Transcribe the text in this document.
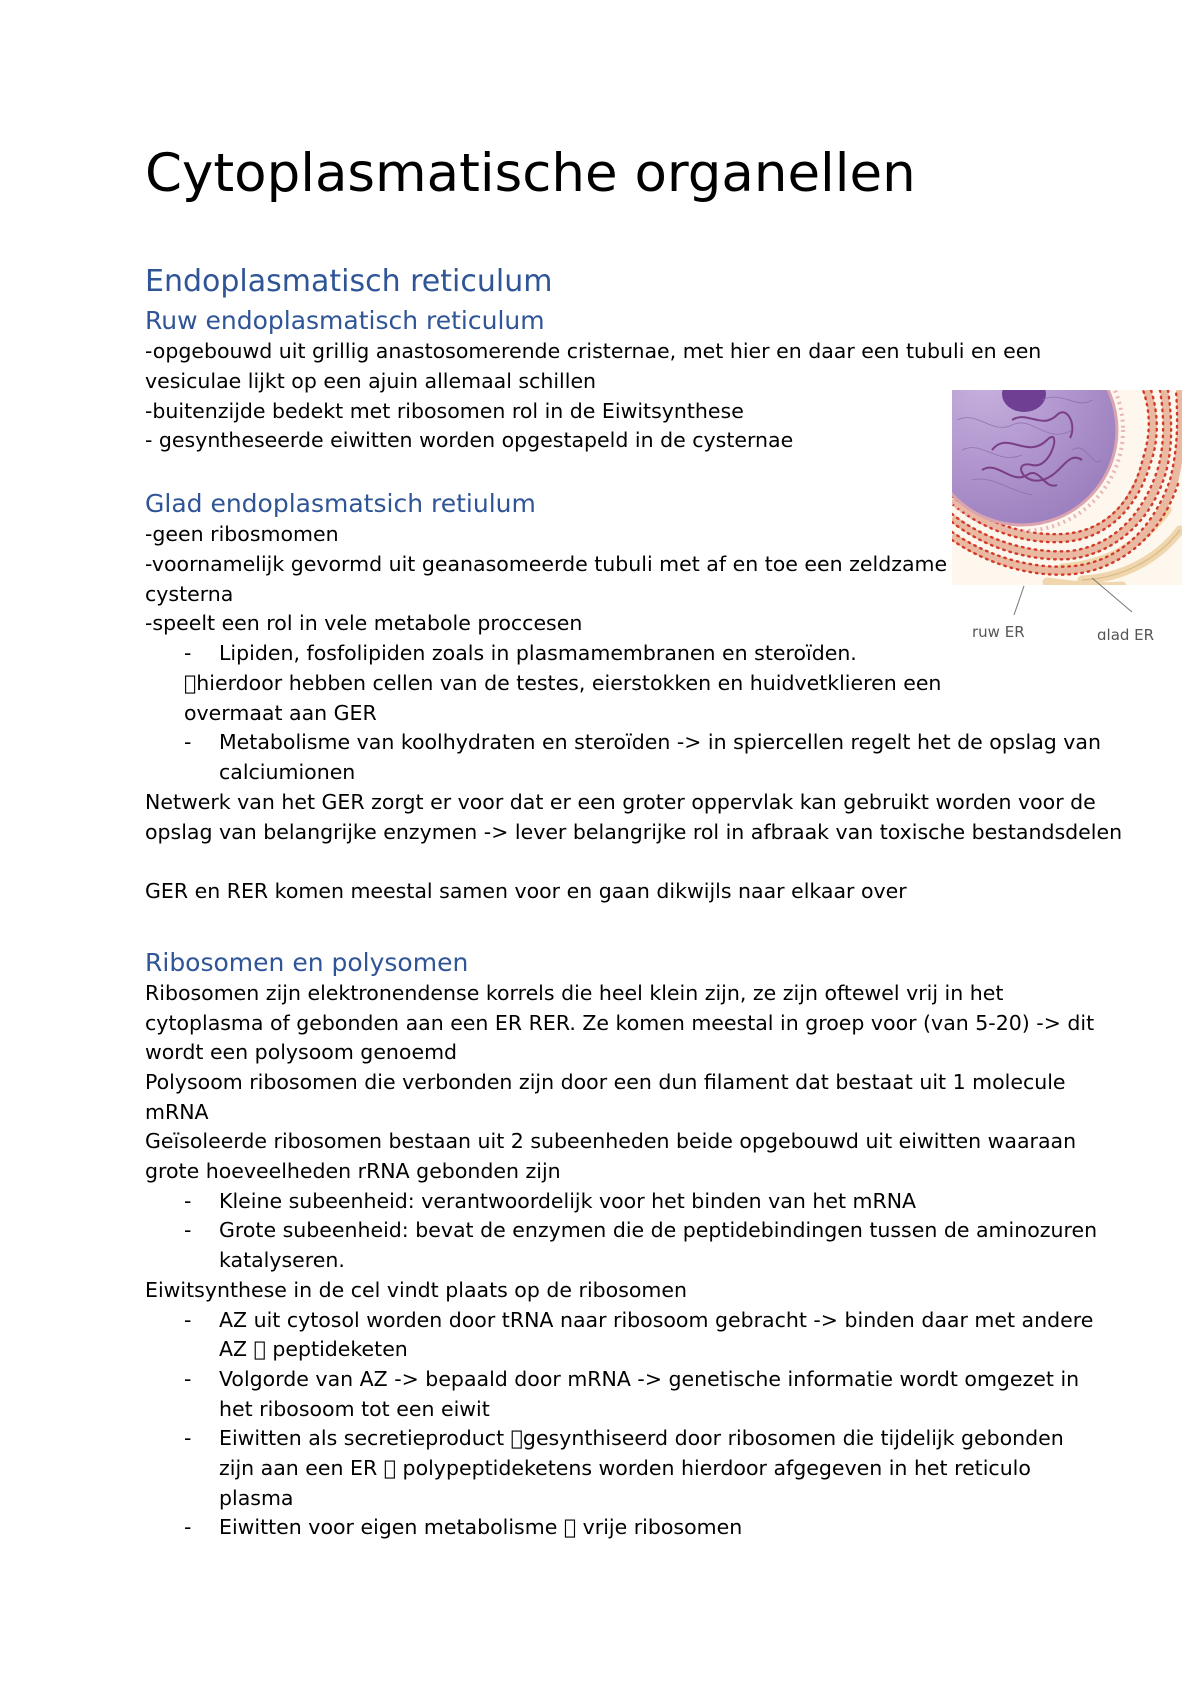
Cytoplasmatische organellen
Endoplasmatisch reticulum
Ruw endoplasmatisch reticulum

-opgebouwd uit grillig anastosomerende cristernae, met hier en daar een tubuli en een

vesiculae lijkt op een ajuin allemaal schillen

-buitenzijde bedekt met ribosomen rol in de Eiwitsynthese

- gesyntheseerde eiwitten worden opgestapeld in de cysternae

Glad endoplasmatsich retiulum

-geen ribosmomen

-voornamelijk gevormd uit geanasomeerde tubuli met af en toe een zeldzame

cysterna

-speelt een rol in vele metabole proccesen

- Lipiden, fosfolipiden zoals in plasmamembranen en steroïden.

hierdoor hebben cellen van de testes, eierstokken en huidvetklieren een

overmaat aan GER

- Metabolisme van koolhydraten en steroïden -> in spiercellen regelt het de opslag van

calciumionen

Netwerk van het GER zorgt er voor dat er een groter oppervlak kan gebruikt worden voor de

opslag van belangrijke enzymen -> lever belangrijke rol in afbraak van toxische bestandsdelen

GER en RER komen meestal samen voor en gaan dikwijls naar elkaar over

Ribosomen en polysomen

Ribosomen zijn elektronendense korrels die heel klein zijn, ze zijn oftewel vrij in het

cytoplasma of gebonden aan een ER RER. Ze komen meestal in groep voor (van 5-20) -> dit

wordt een polysoom genoemd

Polysoom ribosomen die verbonden zijn door een dun filament dat bestaat uit 1 molecule

mRNA

Geïsoleerde ribosomen bestaan uit 2 subeenheden beide opgebouwd uit eiwitten waaraan

grote hoeveelheden rRNA gebonden zijn

- Kleine subeenheid: verantwoordelijk voor het binden van het mRNA

- Grote subeenheid: bevat de enzymen die de peptidebindingen tussen de aminozuren

katalyseren.

Eiwitsynthese in de cel vindt plaats op de ribosomen

- AZ uit cytosol worden door tRNA naar ribosoom gebracht -> binden daar met andere

AZ peptideketen

- Volgorde van AZ -> bepaald door mRNA -> genetische informatie wordt omgezet in

het ribosoom tot een eiwit

- Eiwitten als secretieproduct gesynthiseerd door ribosomen die tijdelijk gebonden

zijn aan een ER polypeptideketens worden hierdoor afgegeven in het reticulo

plasma

- Eiwitten voor eigen metabolisme vrije ribosomen

ruw ER	glad ER
